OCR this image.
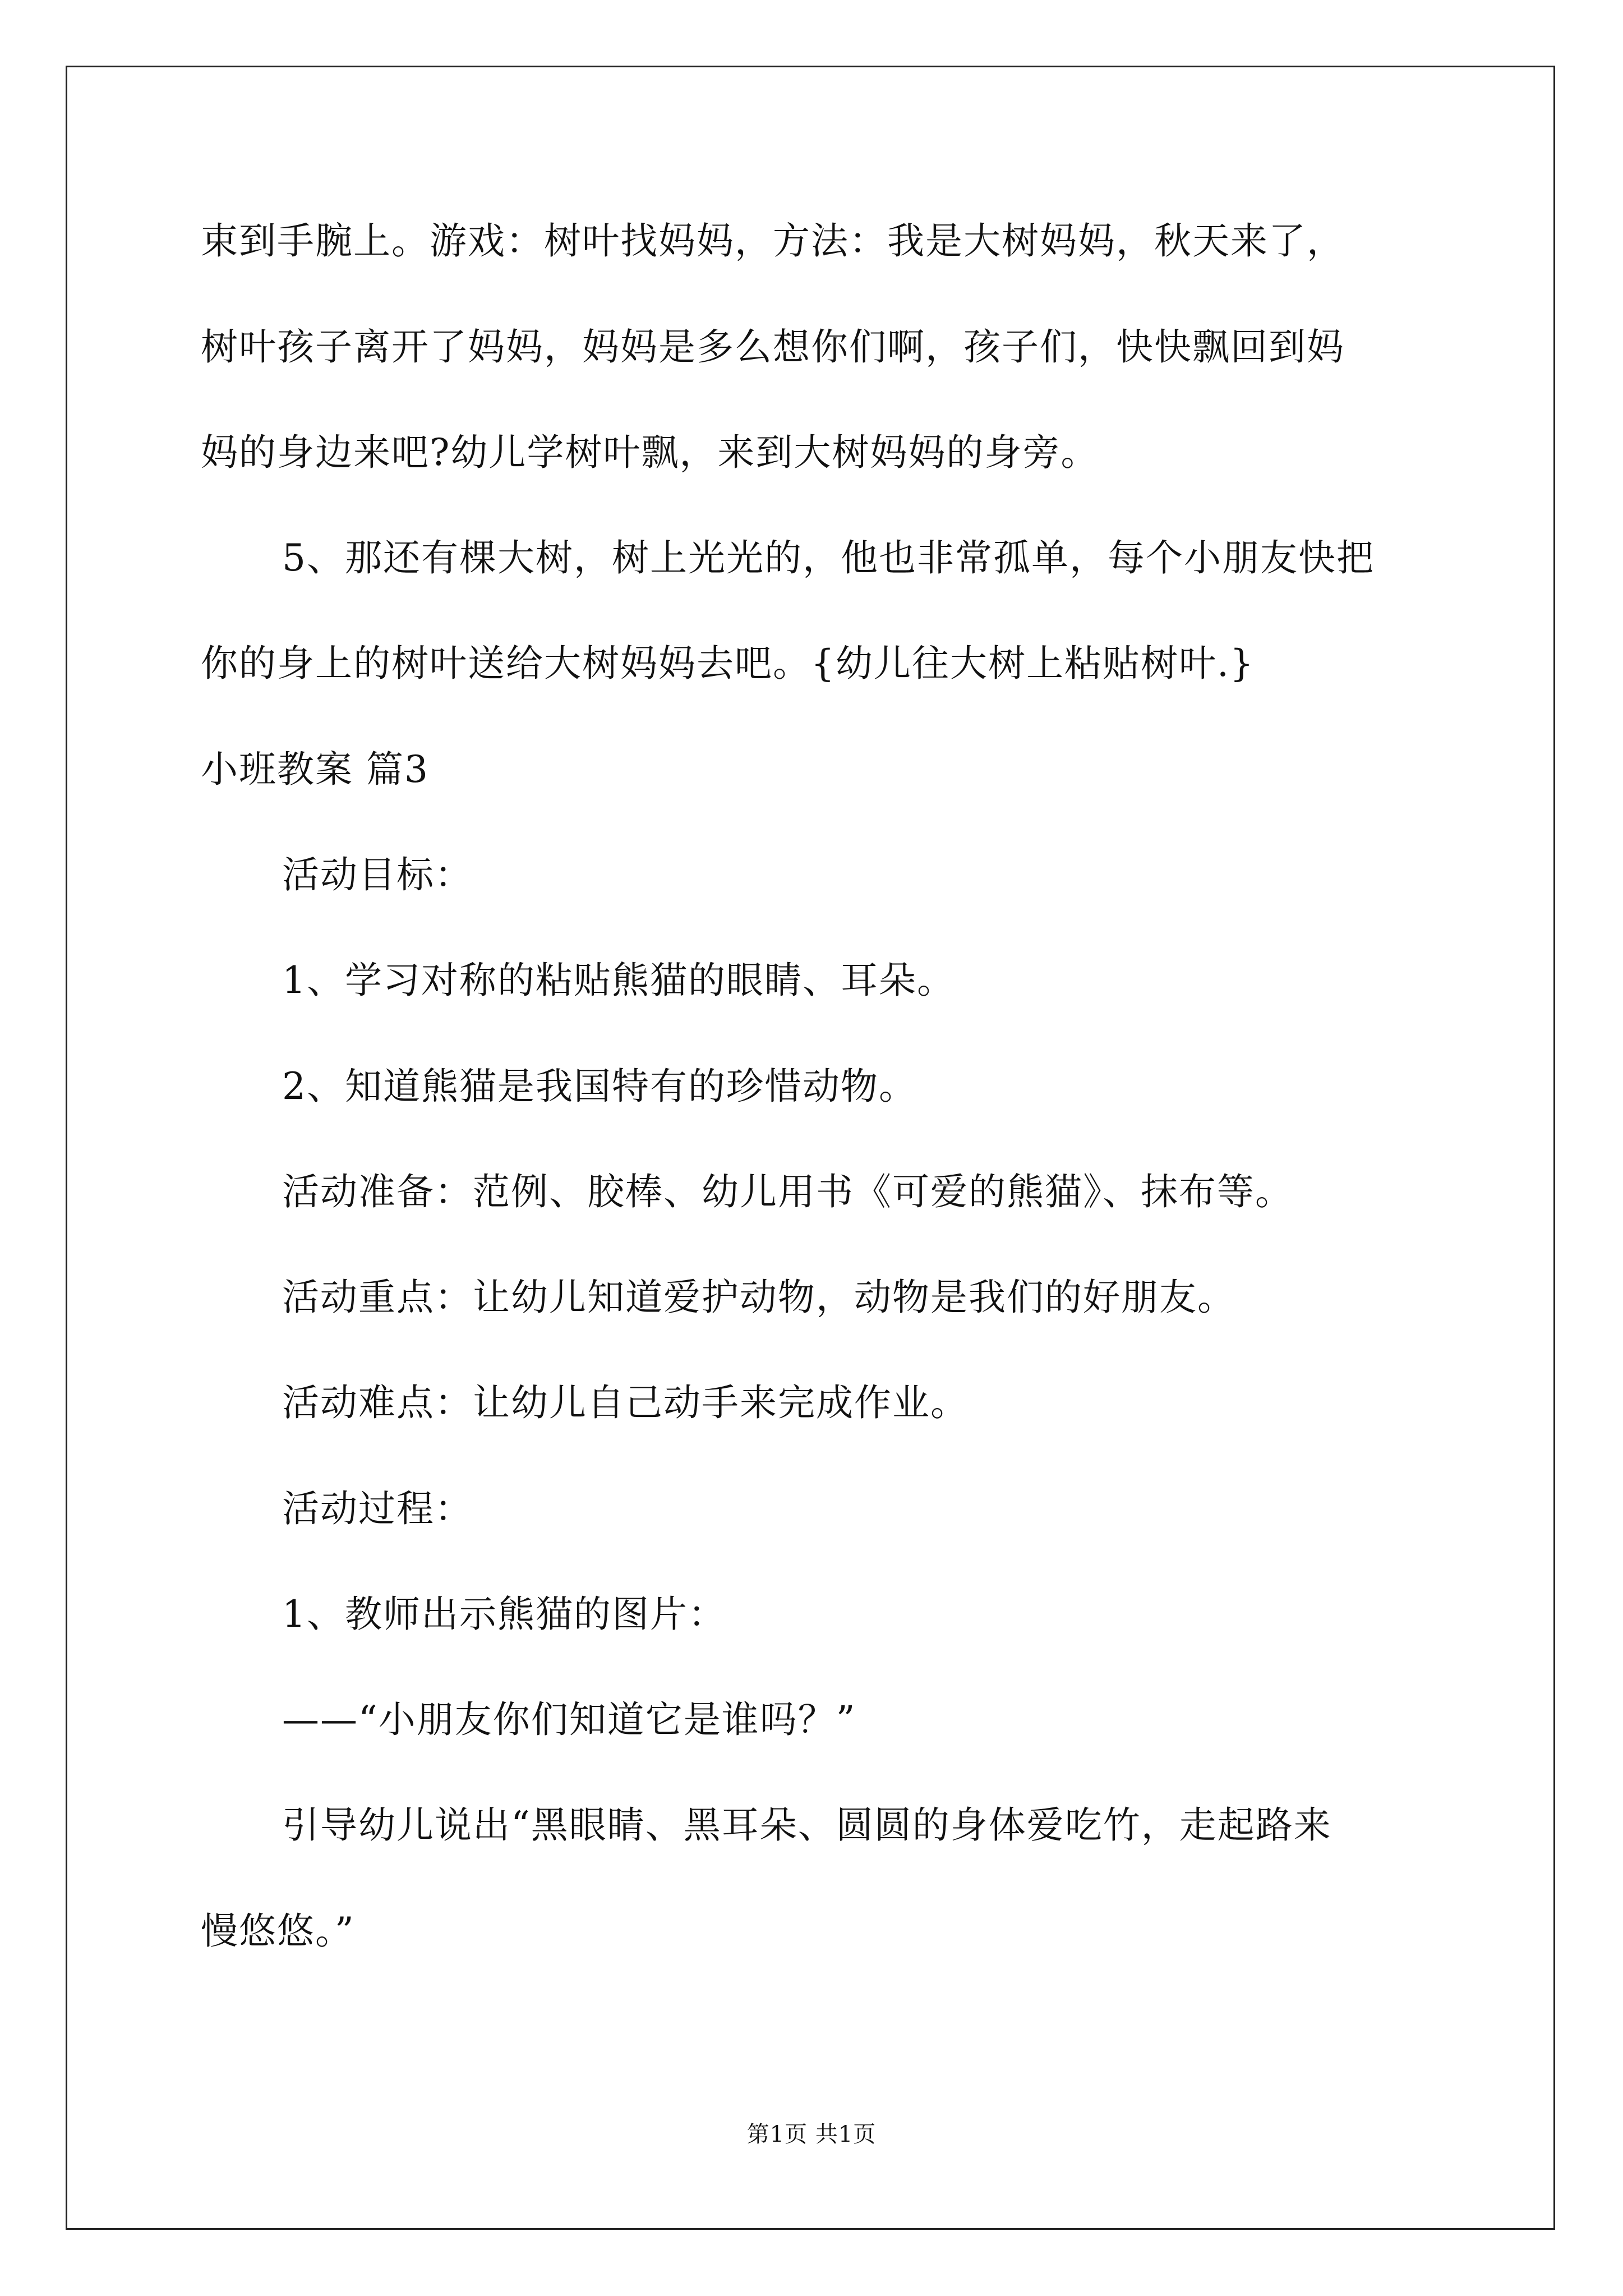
束到手腕上。游戏：树叶找妈妈，方法：我是大树妈妈，秋天来了，
树叶孩子离开了妈妈，妈妈是多么想你们啊，孩子们，快快飘回到妈
妈的身边来吧?幼儿学树叶飘，来到大树妈妈的身旁。
5、那还有棵大树，树上光光的，他也非常孤单，每个小朋友快把
你的身上的树叶送给大树妈妈去吧。{幼儿往大树上粘贴树叶.}
小班教案 篇3
活动目标：
1、学习对称的粘贴熊猫的眼睛、耳朵。
2、知道熊猫是我国特有的珍惜动物。
活动准备：范例、胶棒、幼儿用书《可爱的熊猫》、抹布等。
活动重点：让幼儿知道爱护动物，动物是我们的好朋友。
活动难点：让幼儿自己动手来完成作业。
活动过程：
1、教师出示熊猫的图片：
——“小朋友你们知道它是谁吗？”
引导幼儿说出“黑眼睛、黑耳朵、圆圆的身体爱吃竹，走起路来
慢悠悠。”
第1页 共1页
